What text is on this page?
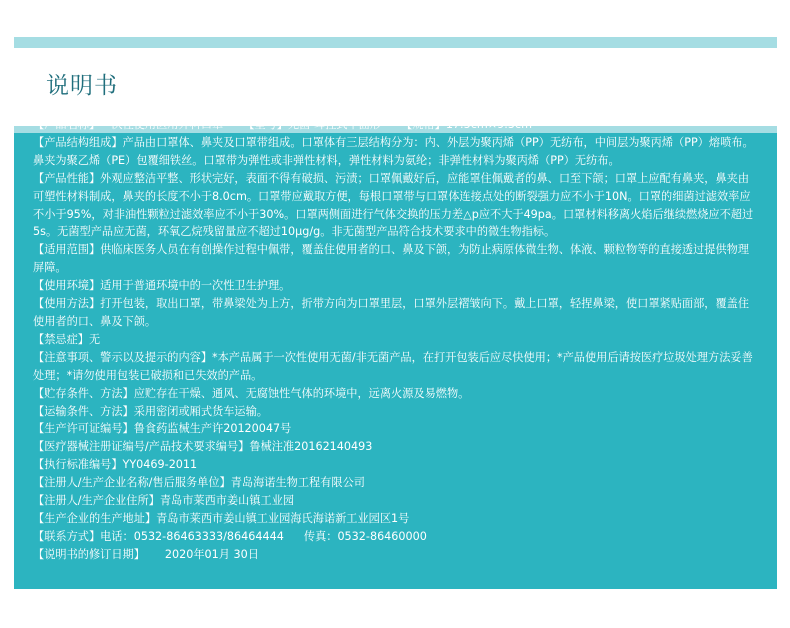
说明书
【产品名称】一次性使用医用外科口罩 【型号】无菌 耳挂式平面形 【规格】17.5cm×9.5cm
【产品结构组成】产品由口罩体、鼻夹及口罩带组成。口罩体有三层结构分为：内、外层为聚丙烯（PP）无纺布，中间层为聚丙烯（PP）熔喷布。鼻夹为聚乙烯（PE）包覆细铁丝。口罩带为弹性或非弹性材料，弹性材料为氨纶；非弹性材料为聚丙烯（PP）无纺布。
【产品性能】外观应整洁平整、形状完好，表面不得有破损、污渍；口罩佩戴好后，应能罩住佩戴者的鼻、口至下颌；口罩上应配有鼻夹，鼻夹由可塑性材料制成，鼻夹的长度不小于8.0cm。口罩带应戴取方便，每根口罩带与口罩体连接点处的断裂强力应不小于10N。口罩的细菌过滤效率应不小于95%，对非油性颗粒过滤效率应不小于30%。口罩两侧面进行气体交换的压力差△p应不大于49pa。口罩材料移离火焰后继续燃烧应不超过5s。无菌型产品应无菌，环氧乙烷残留量应不超过10μg/g。非无菌型产品符合技术要求中的微生物指标。
【适用范围】供临床医务人员在有创操作过程中佩带，覆盖住使用者的口、鼻及下颌，为防止病原体微生物、体液、颗粒物等的直接透过提供物理屏障。
【使用环境】适用于普通环境中的一次性卫生护理。
【使用方法】打开包装，取出口罩，带鼻梁处为上方，折带方向为口罩里层，口罩外层褶皱向下。戴上口罩，轻捏鼻梁，使口罩紧贴面部，覆盖住使用者的口、鼻及下颌。
【禁忌症】无
【注意事项、警示以及提示的内容】*本产品属于一次性使用无菌/非无菌产品，在打开包装后应尽快使用；*产品使用后请按医疗垃圾处理方法妥善处理；*请勿使用包装已破损和已失效的产品。
【贮存条件、方法】应贮存在干燥、通风、无腐蚀性气体的环境中，远离火源及易燃物。
【运输条件、方法】采用密闭或厢式货车运输。
【生产许可证编号】鲁食药监械生产许20120047号
【医疗器械注册证编号/产品技术要求编号】鲁械注准20162140493
【执行标准编号】YY0469-2011
【注册人/生产企业名称/售后服务单位】青岛海诺生物工程有限公司
【注册人/生产企业住所】青岛市莱西市姜山镇工业园
【生产企业的生产地址】青岛市莱西市姜山镇工业园海氏海诺新工业园区1号
【联系方式】电话：0532-86463333/86464444 传真：0532-86460000
【说明书的修订日期】 2020年01月 30日
